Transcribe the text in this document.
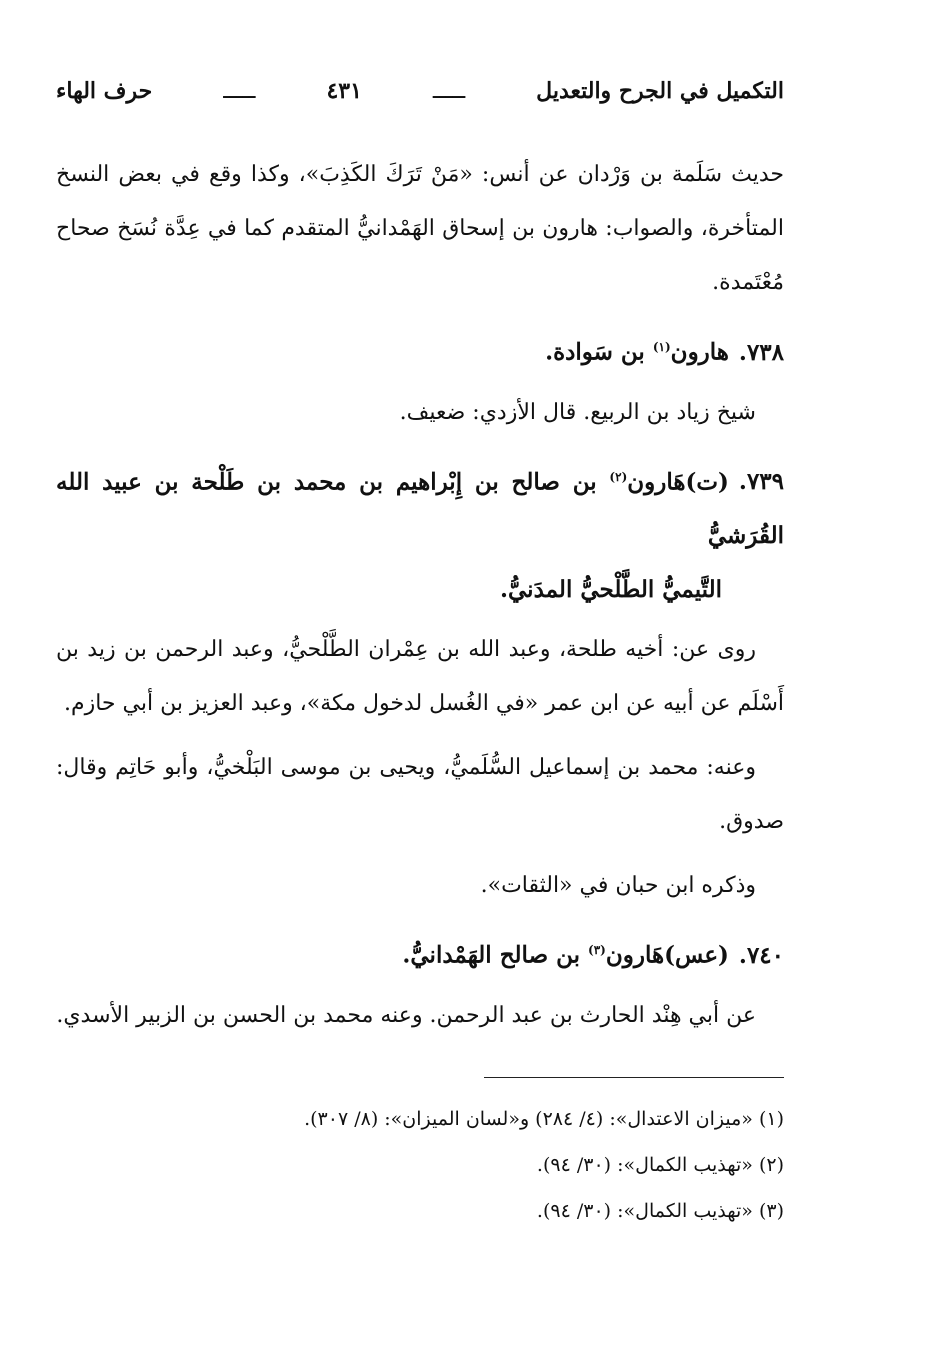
التكميل في الجرح والتعديل
ـــــ
٤٣١
ـــــ
حرف الهاء

حديث سَلَمة بن وَرْدان عن أنس: «مَنْ تَرَكَ الكَذِبَ»، وكذا وقع في بعض النسخ المتأخرة، والصواب: هارون بن إسحاق الهَمْدانيُّ المتقدم كما في عِدَّة نُسَخ صحاح مُعْتَمدة.

٧٣٨.هارون$^{(١)}$ بن سَوادة.

شيخ زياد بن الربيع. قال الأزدي: ضعيف.

٧٣٩.(ت)هَارون$^{(٢)}$ بن صالح بن إِبْراهيم بن محمد بن طَلْحة بن عبيد الله القُرَشيُّ
التَّيميُّ الطَّلْحيُّ المدَنيُّ.

روى عن: أخيه طلحة، وعبد الله بن عِمْران الطَّلْحيُّ، وعبد الرحمن بن زيد بن أَسْلَم عن أبيه عن ابن عمر «في الغُسل لدخول مكة»، وعبد العزيز بن أبي حازم.

وعنه: محمد بن إسماعيل السُّلَميُّ، ويحيى بن موسى البَلْخيُّ، وأبو حَاتِم وقال: صدوق.

وذكره ابن حبان في «الثقات».

٧٤٠.(عس)هَارون$^{(٣)}$ بن صالح الهَمْدانيُّ.

عن أبي هِنْد الحارث بن عبد الرحمن. وعنه محمد بن الحسن بن الزبير الأسدي.

(١) «ميزان الاعتدال»: (٤/ ٢٨٤) و«لسان الميزان»: (٨/ ٣٠٧).

(٢) «تهذيب الكمال»: (٣٠/ ٩٤).

(٣) «تهذيب الكمال»: (٣٠/ ٩٤).
